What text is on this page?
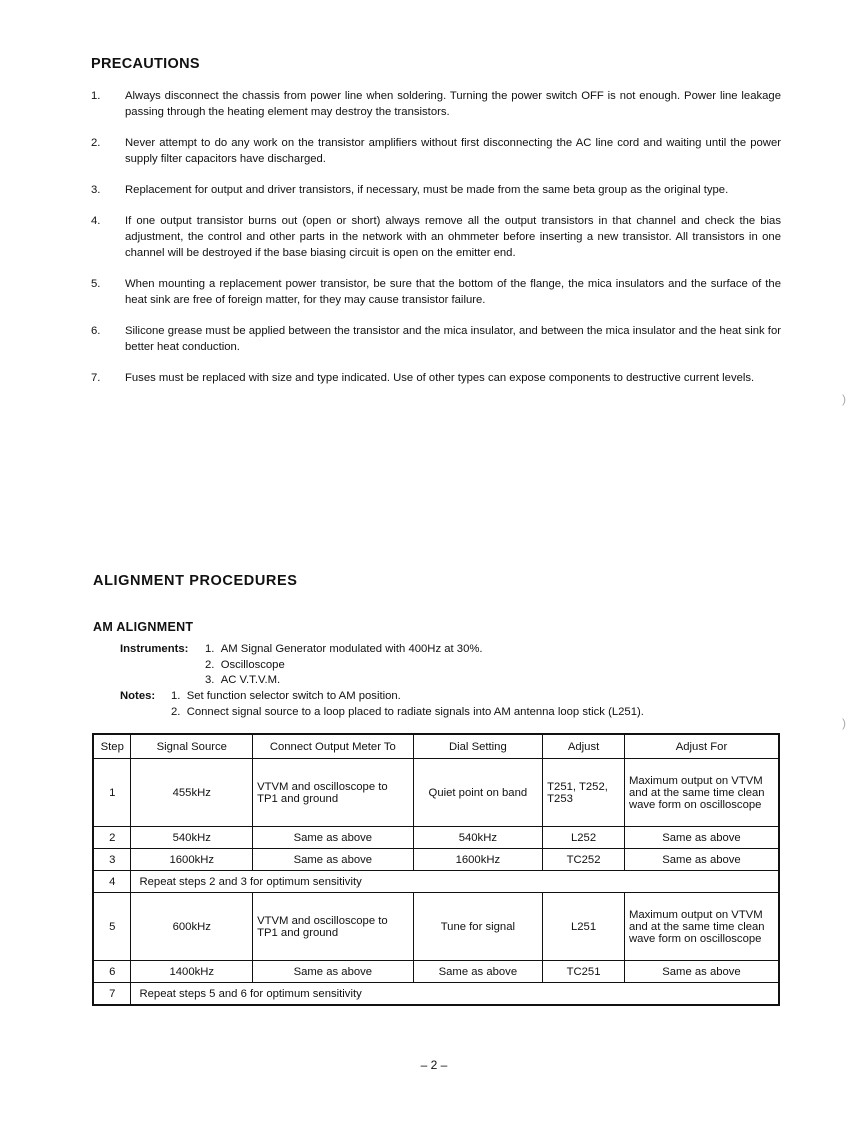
PRECAUTIONS
1. Always disconnect the chassis from power line when soldering. Turning the power switch OFF is not enough. Power line leakage passing through the heating element may destroy the transistors.
2. Never attempt to do any work on the transistor amplifiers without first disconnecting the AC line cord and waiting until the power supply filter capacitors have discharged.
3. Replacement for output and driver transistors, if necessary, must be made from the same beta group as the original type.
4. If one output transistor burns out (open or short) always remove all the output transistors in that channel and check the bias adjustment, the control and other parts in the network with an ohmmeter before inserting a new transistor. All transistors in one channel will be destroyed if the base biasing circuit is open on the emitter end.
5. When mounting a replacement power transistor, be sure that the bottom of the flange, the mica insulators and the surface of the heat sink are free of foreign matter, for they may cause transistor failure.
6. Silicone grease must be applied between the transistor and the mica insulator, and between the mica insulator and the heat sink for better heat conduction.
7. Fuses must be replaced with size and type indicated. Use of other types can expose components to destructive current levels.
)
)
ALIGNMENT PROCEDURES
AM ALIGNMENT
Instruments: 1. AM Signal Generator modulated with 400Hz at 30%.
2. Oscilloscope
3. AC V.T.V.M.
Notes: 1. Set function selector switch to AM position.
2. Connect signal source to a loop placed to radiate signals into AM antenna loop stick (L251).
Step	Signal Source	Connect Output Meter To	Dial Setting	Adjust	Adjust For
1	455kHz	VTVM and oscilloscope to TP1 and ground	Quiet point on band	T251, T252, T253	Maximum output on VTVM and at the same time clean wave form on oscilloscope
2	540kHz	Same as above	540kHz	L252	Same as above
3	1600kHz	Same as above	1600kHz	TC252	Same as above
4	Repeat steps 2 and 3 for optimum sensitivity				
5	600kHz	VTVM and oscilloscope to TP1 and ground	Tune for signal	L251	Maximum output on VTVM and at the same time clean wave form on oscilloscope
6	1400kHz	Same as above	Same as above	TC251	Same as above
7	Repeat steps 5 and 6 for optimum sensitivity				
– 2 –
